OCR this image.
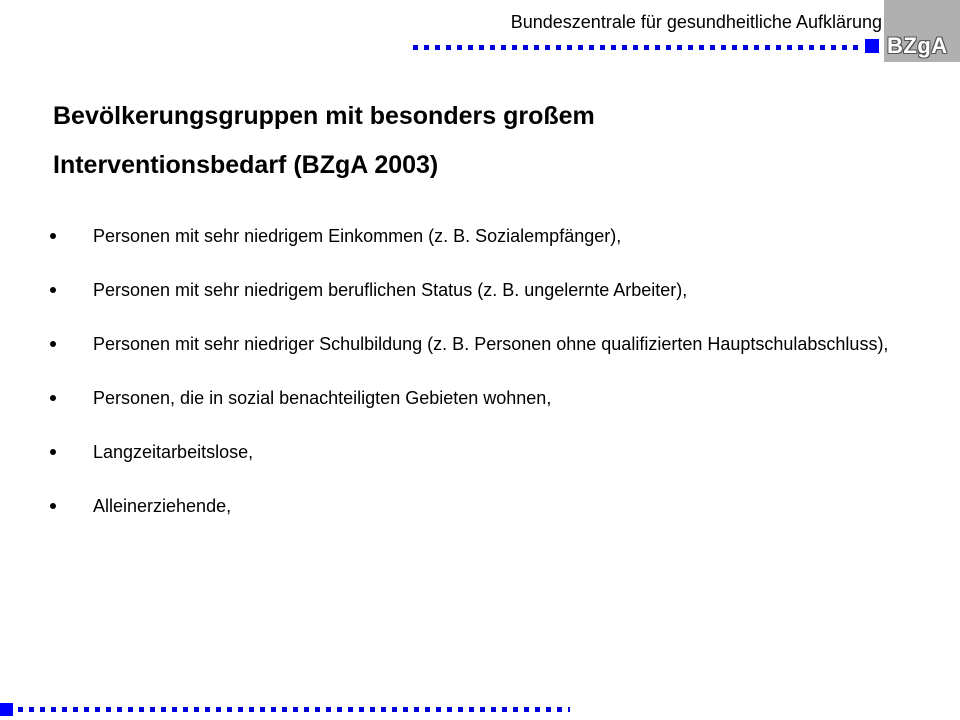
Bundeszentrale für gesundheitliche Aufklärung
BZgA
Bevölkerungsgruppen mit besonders großem
Interventionsbedarf (BZgA 2003)
Personen mit sehr niedrigem Einkommen (z. B. Sozialempfänger),
Personen mit sehr niedrigem beruflichen Status (z. B. ungelernte Arbeiter),
Personen mit sehr niedriger Schulbildung (z. B. Personen ohne qualifizierten Hauptschulabschluss),
Personen, die in sozial benachteiligten Gebieten wohnen,
Langzeitarbeitslose,
Alleinerziehende,
